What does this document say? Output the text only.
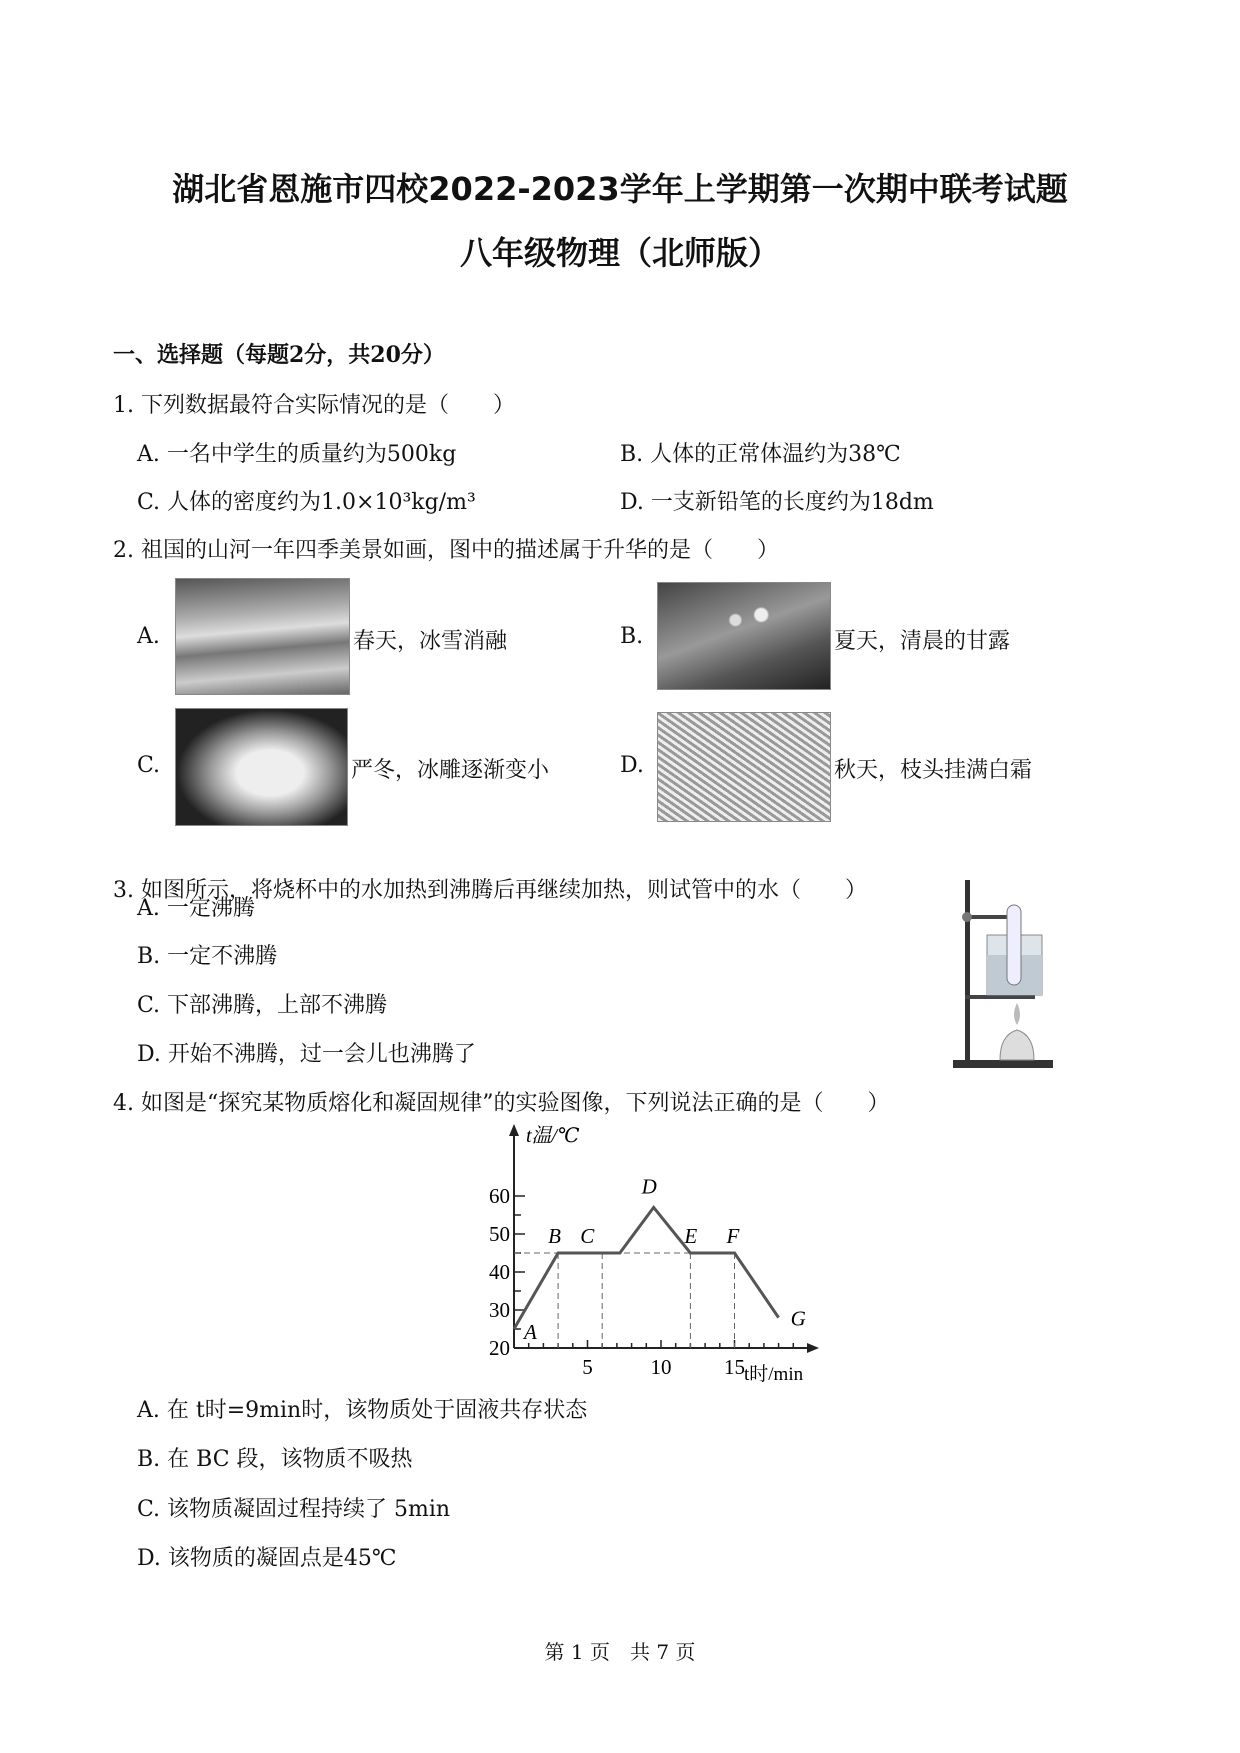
湖北省恩施市四校2022-2023学年上学期第一次期中联考试题
八年级物理（北师版）
一、选择题（每题2分，共20分）
1. 下列数据最符合实际情况的是（　　）
A. 一名中学生的质量约为500kg	B. 人体的正常体温约为38℃
C. 人体的密度约为1.0×10³kg/m³	D. 一支新铅笔的长度约为18dm
2. 祖国的山河一年四季美景如画，图中的描述属于升华的是（　　）
A.	春天，冰雪消融	B.	夏天，清晨的甘露
C.	严冬，冰雕逐渐变小	D.	秋天，枝头挂满白霜
3. 如图所示，将烧杯中的水加热到沸腾后再继续加热，则试管中的水（　　）
A. 一定沸腾
B. 一定不沸腾
C. 下部沸腾，上部不沸腾
D. 开始不沸腾，过一会儿也沸腾了
4. 如图是“探究某物质熔化和凝固规律”的实验图像，下列说法正确的是（　　）
5	10	15
20
30
40
50
60
t温/℃
t时/min
A
B C
D
E F
G
A. 在 t时=9min时，该物质处于固液共存状态
B. 在 BC 段，该物质不吸热
C. 该物质凝固过程持续了 5min
D. 该物质的凝固点是45℃
第 1 页　共 7 页
